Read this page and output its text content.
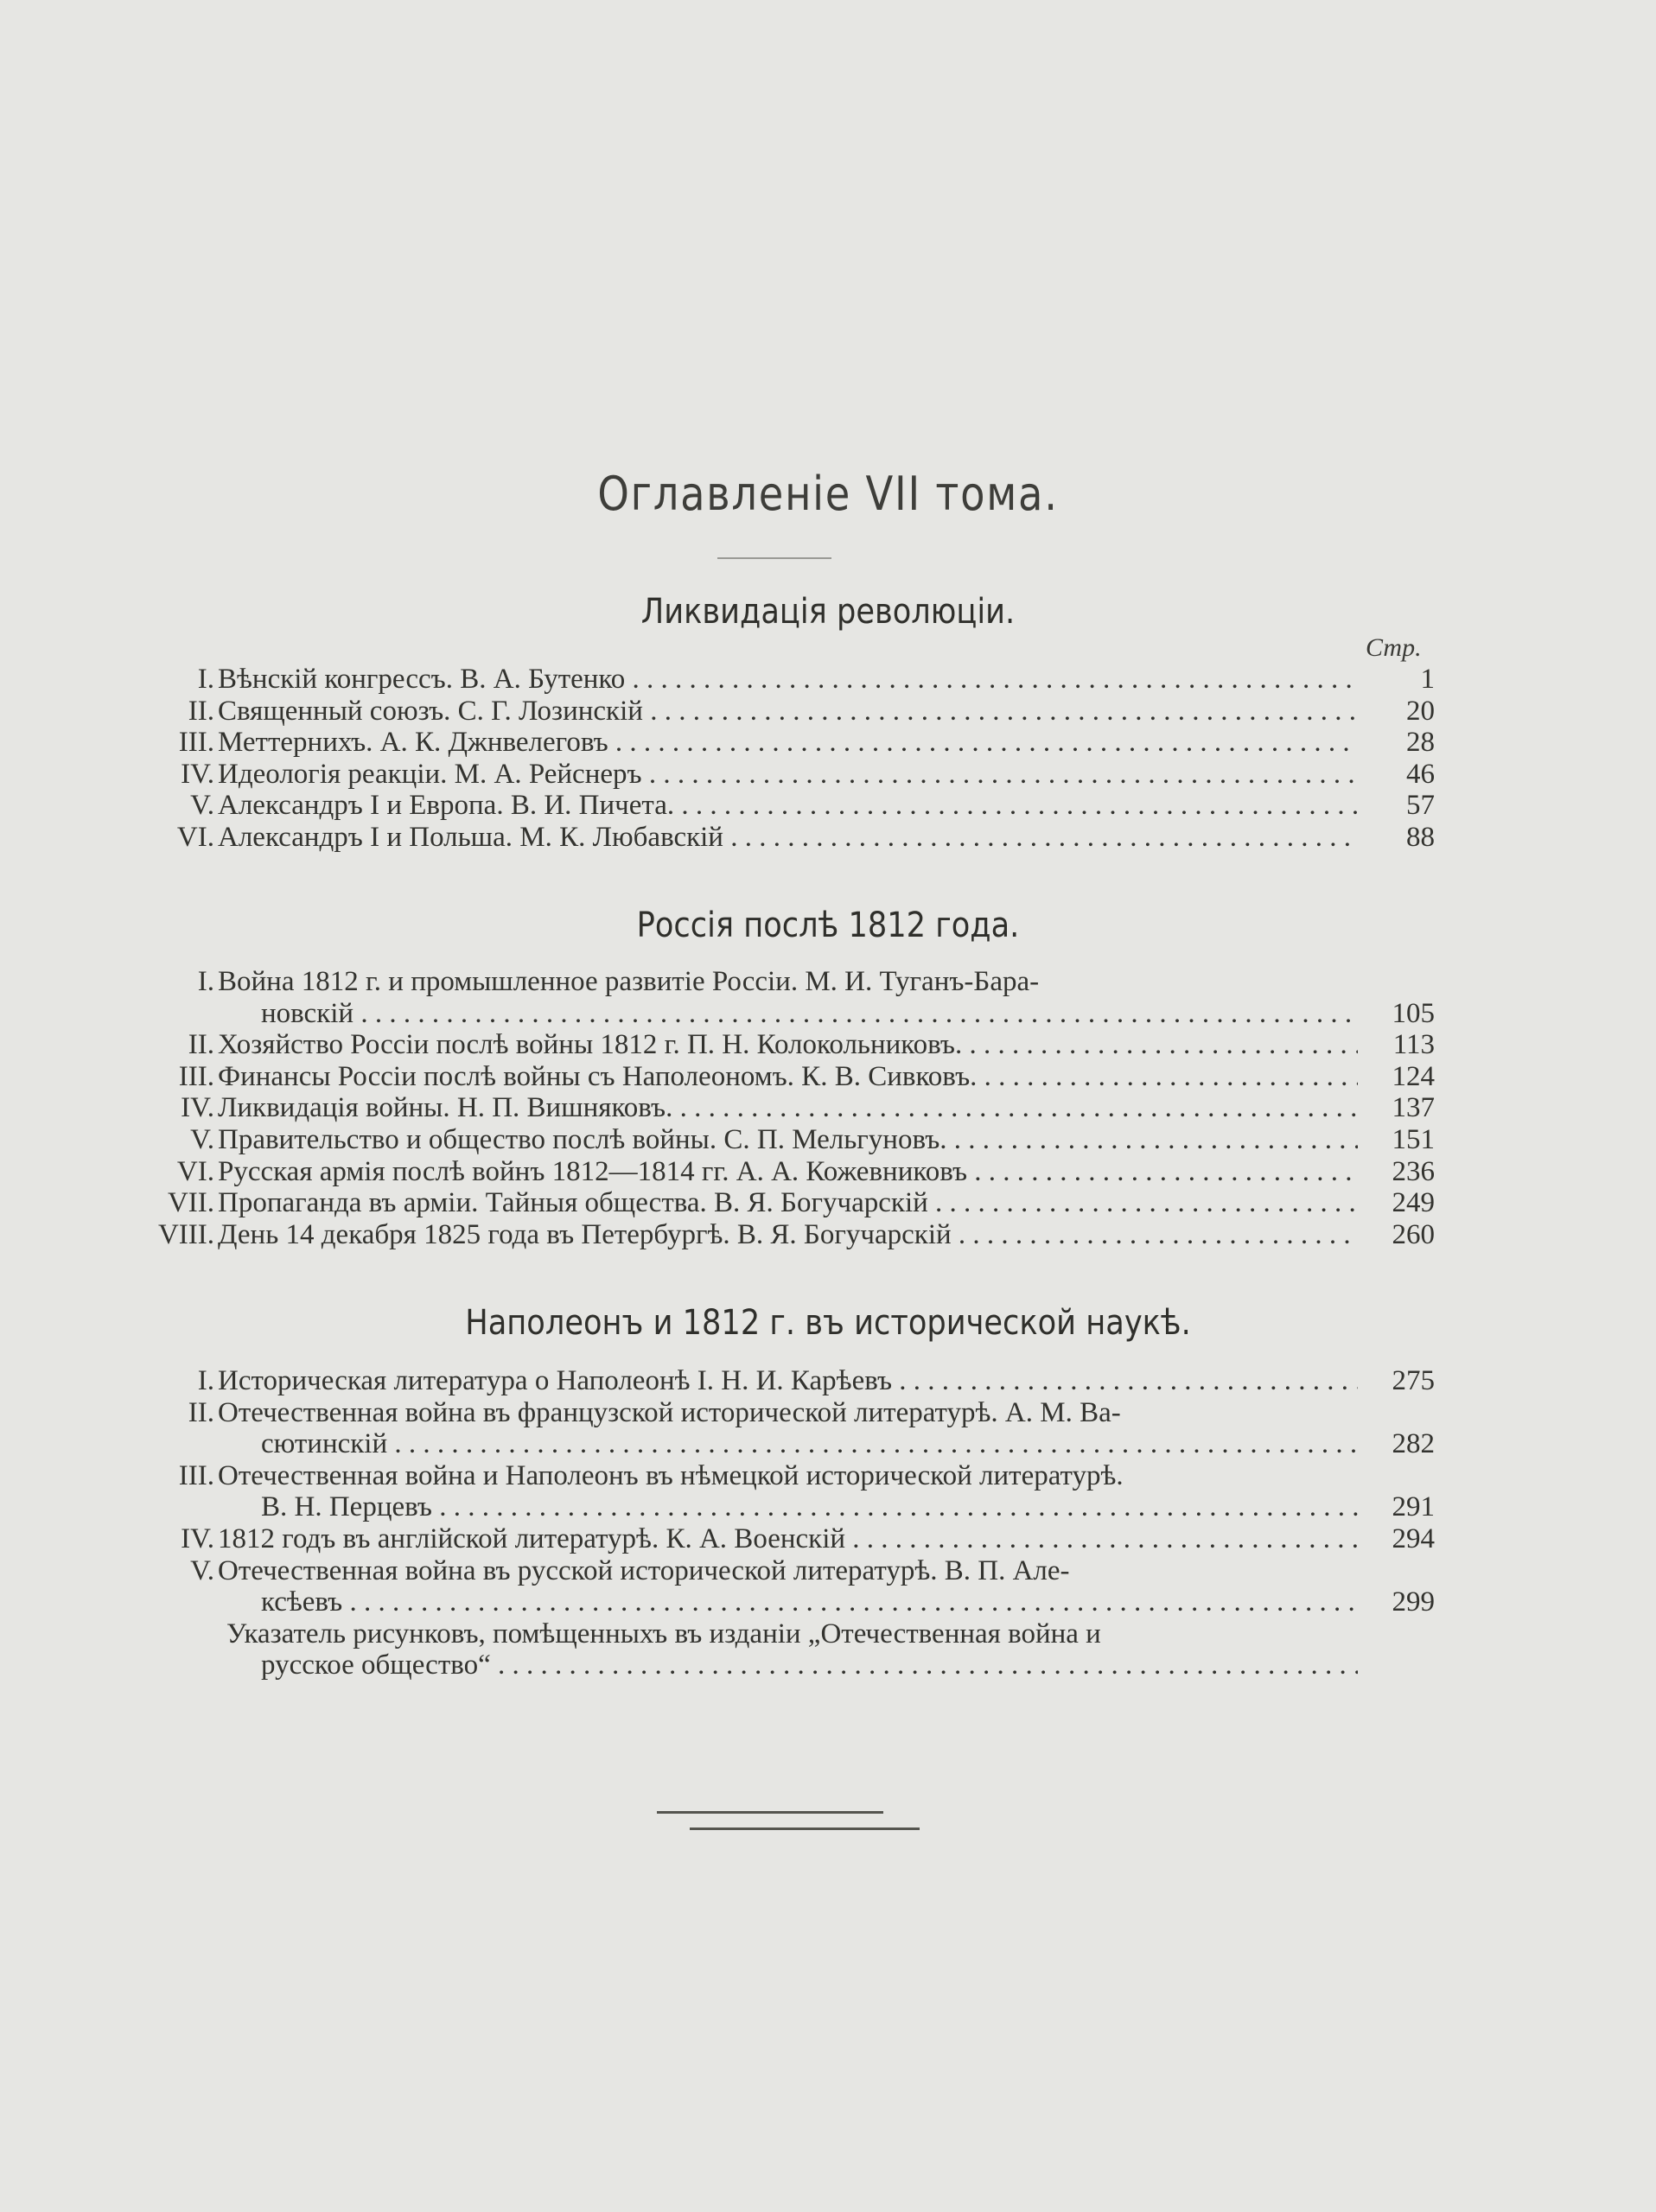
Оглавленіе VII тома.
Ликвидація революціи.
Стр.
Россія послѣ 1812 года.
Наполеонъ и 1812 г. въ исторической наукѣ.
I. Вѣнскій конгрессъ. В. А. Бутенко . . .	1
II. Священный союзъ. С. Г. Лозинскій . . .	20
III. Меттернихъ. А. К. Джнвелеговъ . . .	28
IV. Идеологія реакціи. М. А. Рейснеръ . . .	46
V. Александръ I и Европа. В. И. Пичета. . . .	57
VI. Александръ I и Польша. М. К. Любавскій . . .	88
I. Война 1812 г. и промышленное развитіе Россіи. М. И. Туганъ-Бара-
новскій . . .	105
II. Хозяйство Россіи послѣ войны 1812 г. П. Н. Колокольниковъ. . . .	113
III. Финансы Россіи послѣ войны съ Наполеономъ. К. В. Сивковъ. . . .	124
IV. Ликвидація войны. Н. П. Вишняковъ. . . .	137
V. Правительство и общество послѣ войны. С. П. Мельгуновъ. . . .	151
VI. Русская армія послѣ войнъ 1812—1814 гг. А. А. Кожевниковъ . . .	236
VII. Пропаганда въ арміи. Тайныя общества. В. Я. Богучарскій . . .	249
VIII. День 14 декабря 1825 года въ Петербургѣ. В. Я. Богучарскій . . .	260
I. Историческая литература о Наполеонѣ I. Н. И. Карѣевъ . . .	275
II. Отечественная война въ французской исторической литературѣ. А. М. Ва-
сютинскій . . .	282
III. Отечественная война и Наполеонъ въ нѣмецкой исторической литературѣ.
В. Н. Перцевъ . . .	291
IV. 1812 годъ въ англійской литературѣ. К. А. Военскій . . .	294
V. Отечественная война въ русской исторической литературѣ. В. П. Але-
ксѣевъ . . .	299
Указатель рисунковъ, помѣщенныхъ въ изданіи „Отечественная война и
русское общество“ . . .
